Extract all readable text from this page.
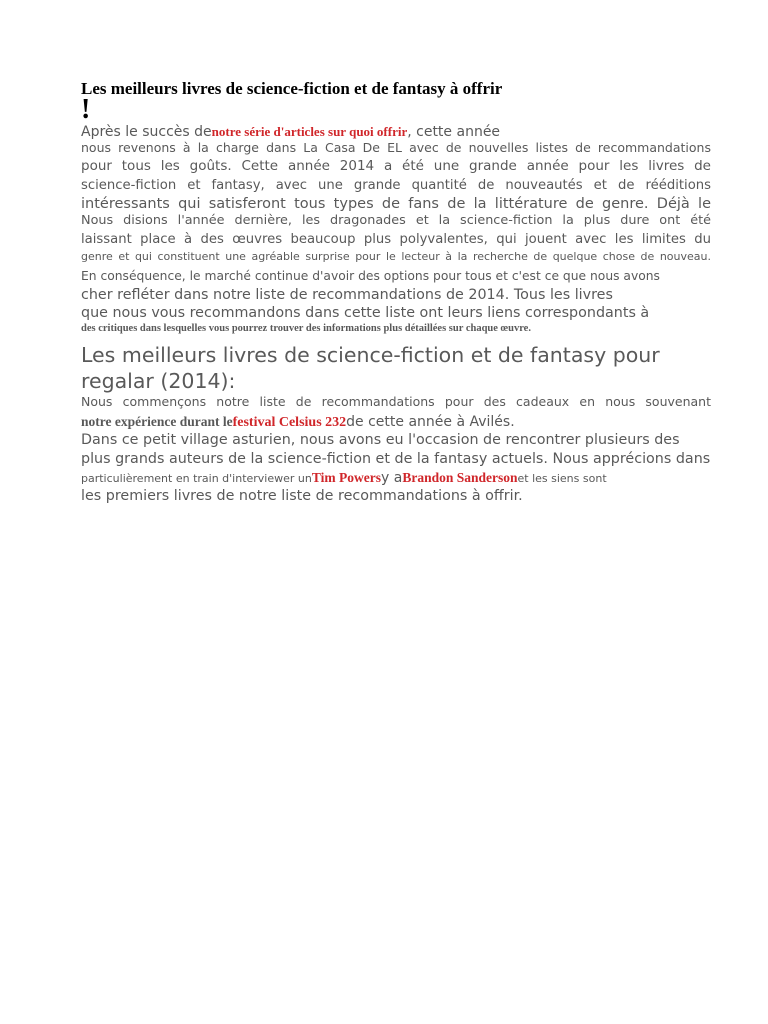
Les meilleurs livres de science-fiction et de fantasy à offrir
!
Après le succès denotre série d'articles sur quoi offrir, cette année
nous revenons à la charge dans La Casa De EL avec de nouvelles listes de recommandations
pour tous les goûts. Cette année 2014 a été une grande année pour les livres de
science-fiction et fantasy, avec une grande quantité de nouveautés et de rééditions
intéressants qui satisferont tous types de fans de la littérature de genre. Déjà le
Nous disions l'année dernière, les dragonades et la science-fiction la plus dure ont été
laissant place à des œuvres beaucoup plus polyvalentes, qui jouent avec les limites du
genre et qui constituent une agréable surprise pour le lecteur à la recherche de quelque chose de nouveau.
En conséquence, le marché continue d'avoir des options pour tous et c'est ce que nous avons
cher refléter dans notre liste de recommandations de 2014. Tous les livres
que nous vous recommandons dans cette liste ont leurs liens correspondants à
des critiques dans lesquelles vous pourrez trouver des informations plus détaillées sur chaque œuvre.
Les meilleurs livres de science-fiction et de fantasy pour regalar (2014):
Nous commençons notre liste de recommandations pour des cadeaux en nous souvenant
notre expérience durant lefestival Celsius 232de cette année à Avilés.
Dans ce petit village asturien, nous avons eu l'occasion de rencontrer plusieurs des
plus grands auteurs de la science-fiction et de la fantasy actuels. Nous apprécions dans
particulièrement en train d'interviewer unTim Powersy aBrandon Sandersonet les siens sont
les premiers livres de notre liste de recommandations à offrir.
